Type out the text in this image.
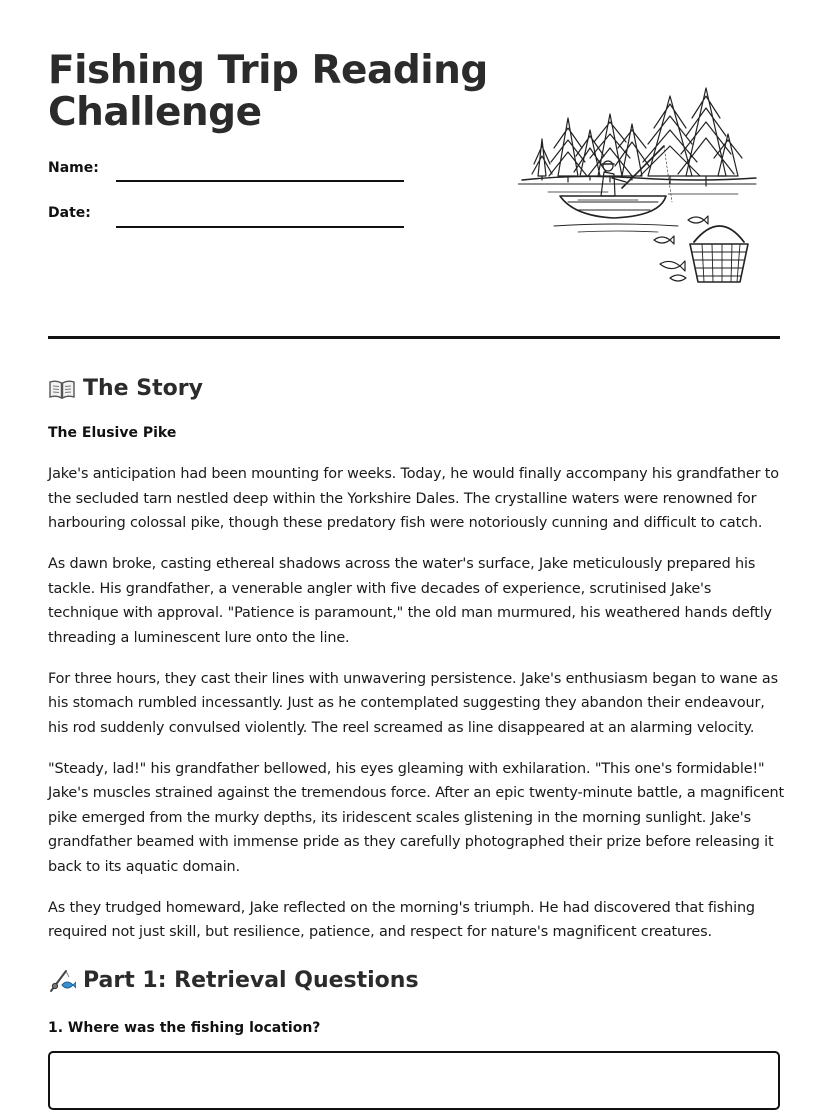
Fishing Trip Reading Challenge
Name:
Date:
The Story
The Elusive Pike

Jake's anticipation had been mounting for weeks. Today, he would finally accompany his grandfather to the secluded tarn nestled deep within the Yorkshire Dales. The crystalline waters were renowned for harbouring colossal pike, though these predatory fish were notoriously cunning and difficult to catch.

As dawn broke, casting ethereal shadows across the water's surface, Jake meticulously prepared his tackle. His grandfather, a venerable angler with five decades of experience, scrutinised Jake's technique with approval. "Patience is paramount," the old man murmured, his weathered hands deftly threading a luminescent lure onto the line.

For three hours, they cast their lines with unwavering persistence. Jake's enthusiasm began to wane as his stomach rumbled incessantly. Just as he contemplated suggesting they abandon their endeavour, his rod suddenly convulsed violently. The reel screamed as line disappeared at an alarming velocity.

"Steady, lad!" his grandfather bellowed, his eyes gleaming with exhilaration. "This one's formidable!" Jake's muscles strained against the tremendous force. After an epic twenty-minute battle, a magnificent pike emerged from the murky depths, its iridescent scales glistening in the morning sunlight. Jake's grandfather beamed with immense pride as they carefully photographed their prize before releasing it back to its aquatic domain.

As they trudged homeward, Jake reflected on the morning's triumph. He had discovered that fishing required not just skill, but resilience, patience, and respect for nature's magnificent creatures.

Part 1: Retrieval Questions
1. Where was the fishing location?
